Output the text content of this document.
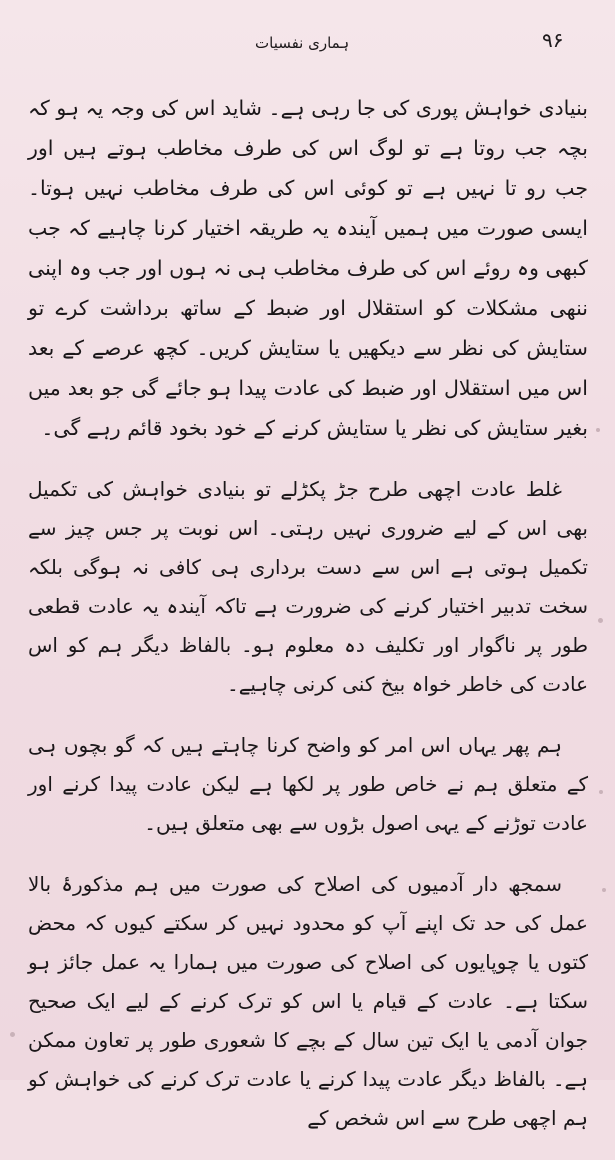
ہماری نفسیات	۹۶

بنیادی خواہش پوری کی جا رہی ہے۔ شاید اس کی وجہ یہ ہو کہ بچہ جب روتا ہے تو لوگ اس کی طرف مخاطب ہوتے ہیں اور جب رو تا نہیں ہے تو کوئی اس کی طرف مخاطب نہیں ہوتا۔ ایسی صورت میں ہمیں آیندہ یہ طریقہ اختیار کرنا چاہیے کہ جب کبھی وہ روئے اس کی طرف مخاطب ہی نہ ہوں اور جب وہ اپنی ننھی مشکلات کو استقلال اور ضبط کے ساتھ برداشت کرے تو ستایش کی نظر سے دیکھیں یا ستایش کریں۔ کچھ عرصے کے بعد اس میں استقلال اور ضبط کی عادت پیدا ہو جائے گی جو بعد میں بغیر ستایش کی نظر یا ستایش کرنے کے خود بخود قائم رہے گی۔

غلط عادت اچھی طرح جڑ پکڑلے تو بنیادی خواہش کی تکمیل بھی اس کے لیے ضروری نہیں رہتی۔ اس نوبت پر جس چیز سے تکمیل ہوتی ہے اس سے دست برداری ہی کافی نہ ہوگی بلکہ سخت تدبیر اختیار کرنے کی ضرورت ہے تاکہ آیندہ یہ عادت قطعی طور پر ناگوار اور تکلیف دہ معلوم ہو۔ بالفاظ دیگر ہم کو اس عادت کی خاطر خواہ بیخ کنی کرنی چاہیے۔

ہم پھر یہاں اس امر کو واضح کرنا چاہتے ہیں کہ گو بچوں ہی کے متعلق ہم نے خاص طور پر لکھا ہے لیکن عادت پیدا کرنے اور عادت توڑنے کے یہی اصول بڑوں سے بھی متعلق ہیں۔

سمجھ دار آدمیوں کی اصلاح کی صورت میں ہم مذکورۂ بالا عمل کی حد تک اپنے آپ کو محدود نہیں کر سکتے کیوں کہ محض کتوں یا چوپایوں کی اصلاح کی صورت میں ہمارا یہ عمل جائز ہو سکتا ہے۔ عادت کے قیام یا اس کو ترک کرنے کے لیے ایک صحیح جوان آدمی یا ایک تین سال کے بچے کا شعوری طور پر تعاون ممکن ہے۔ بالفاظ دیگر عادت پیدا کرنے یا عادت ترک کرنے کی خواہش کو ہم اچھی طرح سے اس شخص کے
